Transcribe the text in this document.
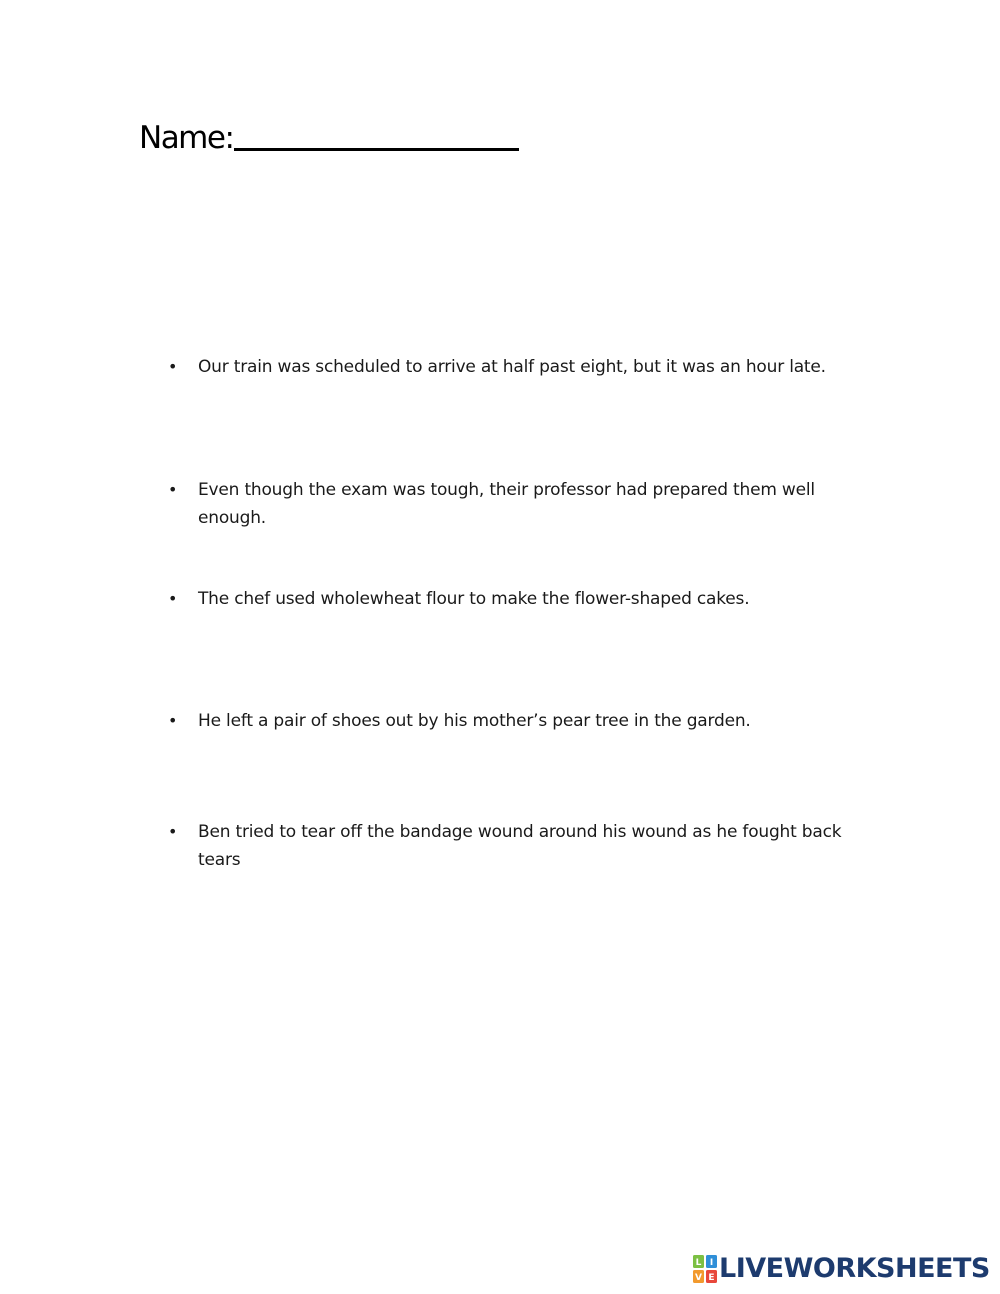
Name:
•	Our train was scheduled to arrive at half past eight, but it was an hour late.
•	Even though the exam was tough, their professor had prepared them well enough.
•	The chef used wholewheat flour to make the flower-shaped cakes.
•	He left a pair of shoes out by his mother’s pear tree in the garden.
•	Ben tried to tear off the bandage wound around his wound as he fought back tears
L I
V E LIVEWORKSHEETS
